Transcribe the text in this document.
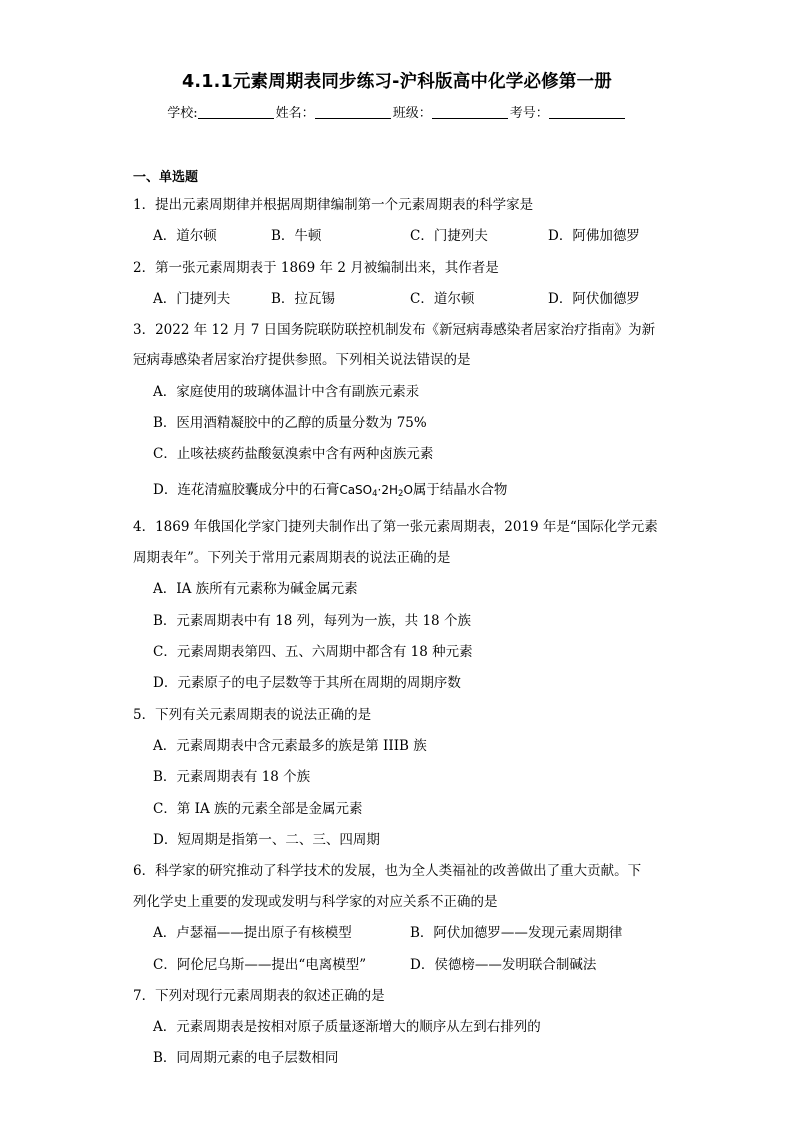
4.1.1元素周期表同步练习-沪科版高中化学必修第一册
学校:	姓名：	班级：	考号：
一、单选题
1．提出元素周期律并根据周期律编制第一个元素周期表的科学家是
A．道尔顿	B．牛顿	C．门捷列夫	D．阿佛加德罗
2．第一张元素周期表于 1869 年 2 月被编制出来，其作者是
A．门捷列夫	B．拉瓦锡	C．道尔顿	D．阿伏伽德罗
3．2022 年 12 月 7 日国务院联防联控机制发布《新冠病毒感染者居家治疗指南》为新
冠病毒感染者居家治疗提供参照。下列相关说法错误的是
A．家庭使用的玻璃体温计中含有副族元素汞
B．医用酒精凝胶中的乙醇的质量分数为 75%
C．止咳祛痰药盐酸氨溴索中含有两种卤族元素
D．连花清瘟胶囊成分中的石膏$CaSO_4\cdot 2H_2O$属于结晶水合物
4．1869 年俄国化学家门捷列夫制作出了第一张元素周期表，2019 年是“国际化学元素
周期表年”。下列关于常用元素周期表的说法正确的是
A．ⅠA 族所有元素称为碱金属元素
B．元素周期表中有 18 列，每列为一族，共 18 个族
C．元素周期表第四、五、六周期中都含有 18 种元素
D．元素原子的电子层数等于其所在周期的周期序数
5．下列有关元素周期表的说法正确的是
A．元素周期表中含元素最多的族是第 IIIB 族
B．元素周期表有 18 个族
C．第 IA 族的元素全部是金属元素
D．短周期是指第一、二、三、四周期
6．科学家的研究推动了科学技术的发展，也为全人类福祉的改善做出了重大贡献。下
列化学史上重要的发现或发明与科学家的对应关系不正确的是
A．卢瑟福——提出原子有核模型	B．阿伏加德罗——发现元素周期律
C．阿伦尼乌斯——提出“电离模型”	D．侯德榜——发明联合制碱法
7．下列对现行元素周期表的叙述正确的是
A．元素周期表是按相对原子质量逐渐增大的顺序从左到右排列的
B．同周期元素的电子层数相同
